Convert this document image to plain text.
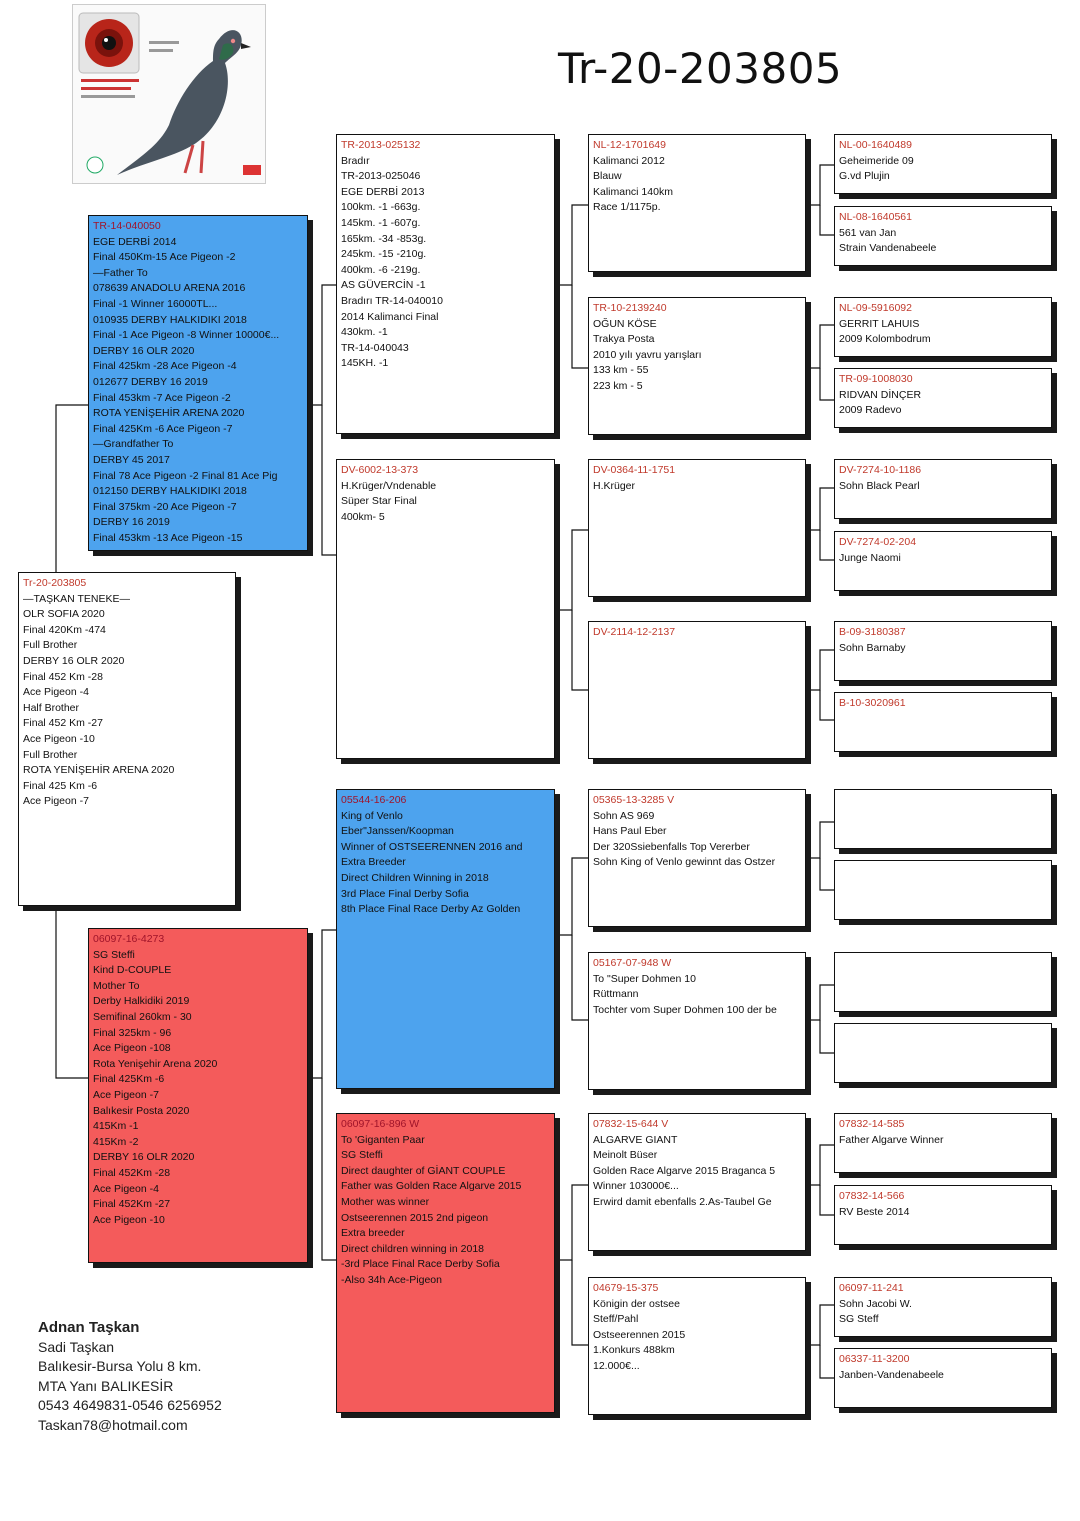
Tr-20-203805
Tr-20-203805
—TAŞKAN TENEKE—
OLR SOFIA 2020
Final 420Km -474
Full Brother
DERBY 16 OLR 2020
Final 452 Km -28
Ace Pigeon -4
Half Brother
Final 452 Km -27
Ace Pigeon -10
Full Brother
ROTA YENİŞEHİR ARENA 2020
Final 425 Km -6
Ace Pigeon -7
TR-14-040050
EGE DERBİ 2014
Final 450Km-15 Ace Pigeon -2
—Father To
078639 ANADOLU ARENA 2016
Final -1 Winner 16000TL...
010935 DERBY HALKIDIKI 2018
Final -1 Ace Pigeon -8 Winner 10000€...
DERBY 16 OLR 2020
Final 425km -28 Ace Pigeon -4
012677 DERBY 16 2019
Final 453km -7 Ace Pigeon -2
ROTA YENİŞEHİR ARENA 2020
Final 425Km -6 Ace Pigeon -7
—Grandfather To
DERBY 45 2017
Final 78 Ace Pigeon -2 Final 81 Ace Pig
012150 DERBY HALKIDIKI 2018
Final 375km -20 Ace Pigeon -7
DERBY 16 2019
Final 453km -13 Ace Pigeon -15
06097-16-4273
SG Steffi
Kind D-COUPLE
Mother To
Derby Halkidiki 2019
Semifinal 260km - 30
Final 325km - 96
Ace Pigeon -108
Rota Yenişehir Arena 2020
Final 425Km -6
Ace Pigeon -7
Balıkesir Posta 2020
415Km -1
415Km -2
DERBY 16 OLR 2020
Final 452Km -28
Ace Pigeon -4
Final 452Km -27
Ace Pigeon -10
TR-2013-025132
Bradır
TR-2013-025046
EGE DERBİ 2013
100km. -1 -663g.
145km. -1 -607g.
165km. -34 -853g.
245km. -15 -210g.
400km. -6 -219g.
AS GÜVERCİN -1
Bradırı TR-14-040010
2014 Kalimanci Final
430km. -1
TR-14-040043
145KH. -1
DV-6002-13-373
H.Krüger/Vndenable
Süper Star Final
400km- 5
05544-16-206
King of Venlo
Eber"Janssen/Koopman
Winner of OSTSEERENNEN 2016 and
Extra Breeder
Direct Children Winning in 2018
3rd Place Final Derby Sofia
8th Place Final Race Derby Az Golden
06097-16-896 W
To 'Giganten Paar
SG Steffi
Direct daughter of GİANT COUPLE
Father was Golden Race Algarve 2015
Mother was winner
Ostseerennen 2015 2nd pigeon
Extra breeder
Direct children winning in 2018
-3rd Place Final Race Derby Sofia
-Also 34h Ace-Pigeon
NL-12-1701649
Kalimanci 2012
Blauw
Kalimanci 140km
Race 1/1175p.
TR-10-2139240
OĞUN KÖSE
Trakya Posta
2010 yılı yavru yarışları
133 km - 55
223 km - 5
DV-0364-11-1751
H.Krüger
DV-2114-12-2137
05365-13-3285 V
Sohn AS 969
Hans Paul Eber
Der 320Ssiebenfalls Top Vererber
Sohn King of Venlo gewinnt das Ostzer
05167-07-948 W
To "Super Dohmen 10
Rüttmann
Tochter vom Super Dohmen 100 der be
07832-15-644 V
ALGARVE GIANT
Meinolt Büser
Golden Race Algarve 2015 Braganca 5
Winner 103000€...
Erwird damit ebenfalls 2.As-Taubel Ge
04679-15-375
Königin der ostsee
Steff/Pahl
Ostseerennen 2015
1.Konkurs 488km
12.000€...
NL-00-1640489
Geheimeride 09
G.vd Plujin
NL-08-1640561
561 van Jan
Strain Vandenabeele
NL-09-5916092
GERRIT LAHUIS
2009 Kolombodrum
TR-09-1008030
RIDVAN DİNÇER
2009 Radevo
DV-7274-10-1186
Sohn Black Pearl
DV-7274-02-204
Junge Naomi
B-09-3180387
Sohn Barnaby
B-10-3020961
07832-14-585
Father Algarve Winner
07832-14-566
RV Beste 2014
06097-11-241
Sohn Jacobi W.
SG Steff
06337-11-3200
Janben-Vandenabeele
Adnan Taşkan
Sadi Taşkan
Balıkesir-Bursa Yolu 8 km.
MTA Yanı BALIKESİR
0543 4649831-0546 6256952
Taskan78@hotmail.com
